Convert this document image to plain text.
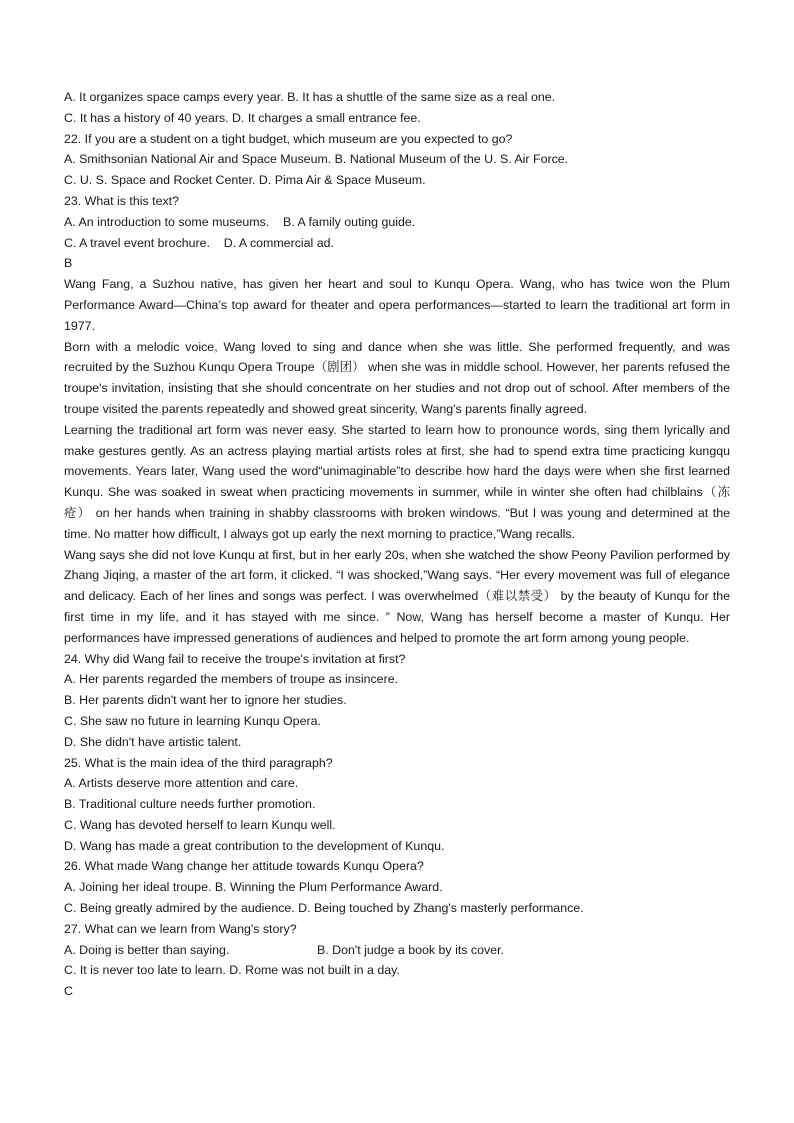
A. It organizes space camps every year. B. It has a shuttle of the same size as a real one.

C. It has a history of 40 years. D. It charges a small entrance fee.

22. If you are a student on a tight budget, which museum are you expected to go?

A. Smithsonian National Air and Space Museum. B. National Museum of the U. S. Air Force.

C. U. S. Space and Rocket Center. D. Pima Air & Space Museum.

23. What is this text?

A. An introduction to some museums.    B. A family outing guide.

C. A travel event brochure.    D. A commercial ad.

B

Wang Fang, a Suzhou native, has given her heart and soul to Kunqu Opera. Wang, who has twice won the Plum Performance Award—China’s top award for theater and opera performances—started to learn the traditional art form in 1977.

Born with a melodic voice, Wang loved to sing and dance when she was little. She performed frequently, and was recruited by the Suzhou Kunqu Opera Troupe（剧团） when she was in middle school. However, her parents refused the troupe's invitation, insisting that she should concentrate on her studies and not drop out of school. After members of the troupe visited the parents repeatedly and showed great sincerity, Wang's parents finally agreed.

Learning the traditional art form was never easy. She started to learn how to pronounce words, sing them lyrically and make gestures gently. As an actress playing martial artists roles at first, she had to spend extra time practicing kungqu movements. Years later, Wang used the word“unimaginable”to describe how hard the days were when she first learned Kunqu. She was soaked in sweat when practicing movements in summer, while in winter she often had chilblains（冻疮） on her hands when training in shabby classrooms with broken windows. “But I was young and determined at the time. No matter how difficult, I always got up early the next morning to practice,”Wang recalls.

Wang says she did not love Kunqu at first, but in her early 20s, when she watched the show Peony Pavilion performed by Zhang Jiqing, a master of the art form, it clicked. “I was shocked,”Wang says. “Her every movement was full of elegance and delicacy. Each of her lines and songs was perfect. I was overwhelmed（难以禁受） by the beauty of Kunqu for the first time in my life, and it has stayed with me since. ” Now, Wang has herself become a master of Kunqu. Her performances have impressed generations of audiences and helped to promote the art form among young people.

24. Why did Wang fail to receive the troupe's invitation at first?

A. Her parents regarded the members of troupe as insincere.

B. Her parents didn't want her to ignore her studies.

C. She saw no future in learning Kunqu Opera.

D. She didn't have artistic talent.

25. What is the main idea of the third paragraph?

A. Artists deserve more attention and care.

B. Traditional culture needs further promotion.

C. Wang has devoted herself to learn Kunqu well.

D. Wang has made a great contribution to the development of Kunqu.

26. What made Wang change her attitude towards Kunqu Opera?

A. Joining her ideal troupe. B. Winning the Plum Performance Award.

C. Being greatly admired by the audience. D. Being touched by Zhang's masterly performance.

27. What can we learn from Wang's story?

A. Doing is better than saying.	B. Don't judge a book by its cover.

C. It is never too late to learn. D. Rome was not built in a day.

C
